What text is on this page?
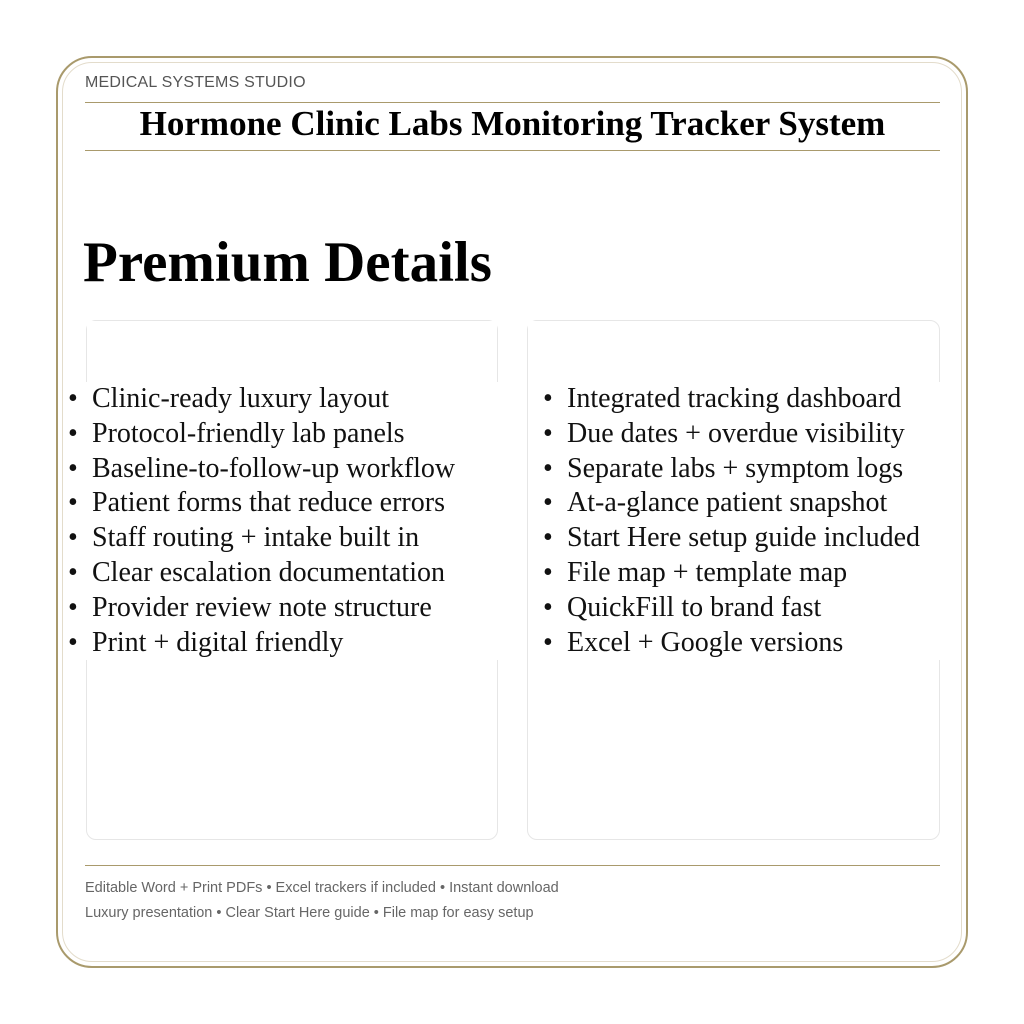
MEDICAL SYSTEMS STUDIO
Hormone Clinic Labs Monitoring Tracker System
Premium Details
• Clinic-ready luxury layout
• Protocol-friendly lab panels
• Baseline-to-follow-up workflow
• Patient forms that reduce errors
• Staff routing + intake built in
• Clear escalation documentation
• Provider review note structure
• Print + digital friendly
• Integrated tracking dashboard
• Due dates + overdue visibility
• Separate labs + symptom logs
• At-a-glance patient snapshot
• Start Here setup guide included
• File map + template map
• QuickFill to brand fast
• Excel + Google versions
Editable Word + Print PDFs • Excel trackers if included • Instant download
Luxury presentation • Clear Start Here guide • File map for easy setup
